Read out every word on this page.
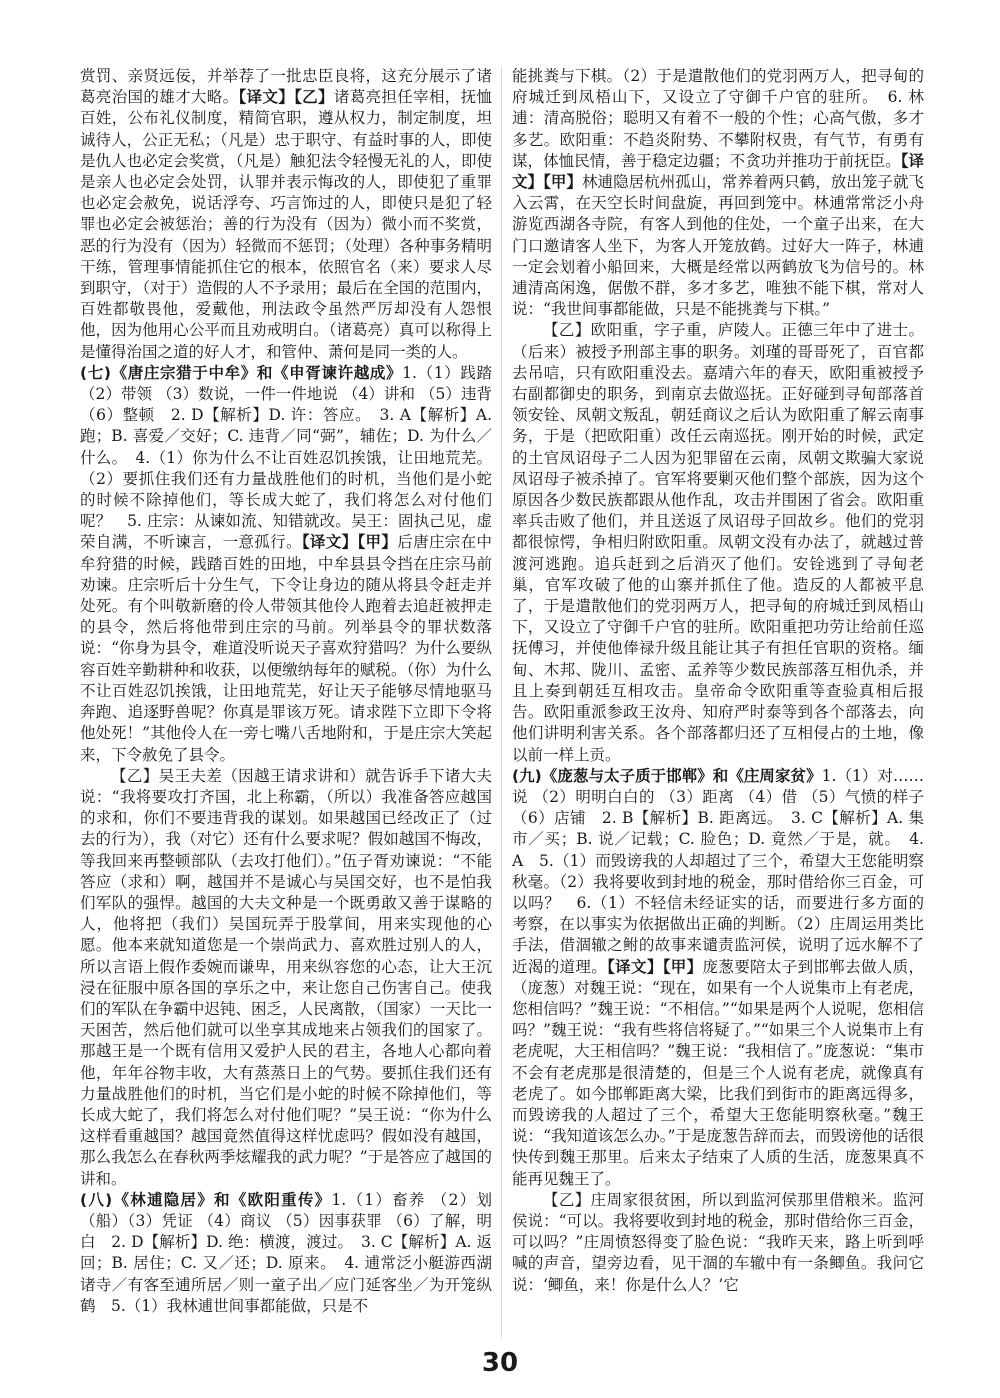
赏罚、亲贤远佞，并举荐了一批忠臣良将，这充分展示了诸葛亮治国的雄才大略。【译文】【乙】诸葛亮担任宰相，抚恤百姓，公布礼仪制度，精简官职，遵从权力，制定制度，坦诚待人，公正无私；（凡是）忠于职守、有益时事的人，即使是仇人也必定会奖赏，（凡是）触犯法令轻慢无礼的人，即使是亲人也必定会处罚，认罪并表示悔改的人，即使犯了重罪也必定会赦免，说话浮夸、巧言饰过的人，即使只是犯了轻罪也必定会被惩治；善的行为没有（因为）微小而不奖赏，恶的行为没有（因为）轻微而不惩罚；（处理）各种事务精明干练，管理事情能抓住它的根本，依照官名（来）要求人尽到职守，（对于）造假的人不予录用；最后在全国的范围内，百姓都敬畏他，爱戴他，刑法政令虽然严厉却没有人怨恨他，因为他用心公平而且劝戒明白。（诸葛亮）真可以称得上是懂得治国之道的好人才，和管仲、萧何是同一类的人。

(七)《唐庄宗猎于中牟》和《申胥谏许越成》1.（1）践踏 （2）带领 （3）数说，一件一件地说 （4）讲和 （5）违背 （6）整顿　2. D【解析】D. 许：答应。　3. A【解析】A. 跑；B. 喜爱／交好；C. 违背／同“弼”，辅佐；D. 为什么／什么。　4.（1）你为什么不让百姓忍饥挨饿，让田地荒芜。（2）要抓住我们还有力量战胜他们的时机，当他们是小蛇的时候不除掉他们，等长成大蛇了，我们将怎么对付他们呢？　5. 庄宗：从谏如流、知错就改。吴王：固执己见，虚荣自满，不听谏言，一意孤行。【译文】【甲】后唐庄宗在中牟狩猎的时候，践踏百姓的田地，中牟县县令挡在庄宗马前劝谏。庄宗听后十分生气，下令让身边的随从将县令赶走并处死。有个叫敬新磨的伶人带领其他伶人跑着去追赶被押走的县令，然后将他带到庄宗的马前。列举县令的罪状数落说：“你身为县令，难道没听说天子喜欢狩猎吗？为什么要纵容百姓辛勤耕种和收获，以便缴纳每年的赋税。（你）为什么不让百姓忍饥挨饿，让田地荒芜，好让天子能够尽情地驱马奔跑、追逐野兽呢？你真是罪该万死。请求陛下立即下令将他处死！”其他伶人在一旁七嘴八舌地附和，于是庄宗大笑起来，下令赦免了县令。

【乙】吴王夫差（因越王请求讲和）就告诉手下诸大夫说：“我将要攻打齐国，北上称霸，（所以）我准备答应越国的求和，你们不要违背我的谋划。如果越国已经改正了（过去的行为），我（对它）还有什么要求呢？假如越国不悔改，等我回来再整顿部队（去攻打他们）。”伍子胥劝谏说：“不能答应（求和）啊，越国并不是诚心与吴国交好，也不是怕我们军队的强悍。越国的大夫文种是一个既勇敢又善于谋略的人，他将把（我们）吴国玩弄于股掌间，用来实现他的心愿。他本来就知道您是一个崇尚武力、喜欢胜过别人的人，所以言语上假作委婉而谦卑，用来纵容您的心态，让大王沉浸在征服中原各国的享乐之中，来让您自己伤害自己。使我们的军队在争霸中迟钝、困乏，人民离散，（国家）一天比一天困苦，然后他们就可以坐享其成地来占领我们的国家了。那越王是一个既有信用又爱护人民的君主，各地人心都向着他，年年谷物丰收，大有蒸蒸日上的气势。要抓住我们还有力量战胜他们的时机，当它们是小蛇的时候不除掉他们，等长成大蛇了，我们将怎么对付他们呢？”吴王说：“你为什么这样看重越国？越国竟然值得这样忧虑吗？假如没有越国，那么我怎么在春秋两季炫耀我的武力呢？”于是答应了越国的讲和。

(八)《林逋隐居》和《欧阳重传》1.（1）畜养 （2）划（船）（3）凭证 （4）商议 （5）因事获罪 （6）了解，明白　2. D【解析】D. 绝：横渡，渡过。　3. C【解析】A. 返回；B. 居住；C. 又／还；D. 原来。　4. 逋常泛小艇游西湖诸寺／有客至逋所居／则一童子出／应门延客坐／为开笼纵鹤　5.（1）我林逋世间事都能做，只是不

能挑粪与下棋。（2）于是遣散他们的党羽两万人，把寻甸的府城迁到凤梧山下，又设立了守御千户官的驻所。　6. 林逋：清高脱俗；聪明又有着不一般的个性；心高气傲，多才多艺。欧阳重：不趋炎附势、不攀附权贵，有气节，有勇有谋，体恤民情，善于稳定边疆；不贪功并推功于前抚臣。【译文】【甲】林逋隐居杭州孤山，常养着两只鹤，放出笼子就飞入云霄，在天空长时间盘旋，再回到笼中。林逋常常泛小舟游览西湖各寺院，有客人到他的住处，一个童子出来，在大门口邀请客人坐下，为客人开笼放鹤。过好大一阵子，林逋一定会划着小船回来，大概是经常以两鹤放飞为信号的。林逋清高闲逸，倨傲不群，多才多艺，唯独不能下棋，常对人说：“我世间事都能做，只是不能挑粪与下棋。”

【乙】欧阳重，字子重，庐陵人。正德三年中了进士。（后来）被授予刑部主事的职务。刘瑾的哥哥死了，百官都去吊唁，只有欧阳重没去。嘉靖六年的春天，欧阳重被授予右副都御史的职务，到南京去做巡抚。正好碰到寻甸部落首领安铨、凤朝文叛乱，朝廷商议之后认为欧阳重了解云南事务，于是（把欧阳重）改任云南巡抚。刚开始的时候，武定的土官凤诏母子二人因为犯罪留在云南，凤朝文欺骗大家说凤诏母子被杀掉了。官军将要剿灭他们整个部族，因为这个原因各少数民族都跟从他作乱，攻击并围困了省会。欧阳重率兵击败了他们，并且送返了凤诏母子回故乡。他们的党羽都很惊愕，争相归附欧阳重。凤朝文没有办法了，就越过普渡河逃跑。追兵赶到之后消灭了他们。安铨逃到了寻甸老巢，官军攻破了他的山寨并抓住了他。造反的人都被平息了，于是遣散他们的党羽两万人，把寻甸的府城迁到凤梧山下，又设立了守御千户官的驻所。欧阳重把功劳让给前任巡抚傅习，并使他俸禄升级且能让其子有担任官职的资格。缅甸、木邦、陇川、孟密、孟养等少数民族部落互相仇杀，并且上奏到朝廷互相攻击。皇帝命令欧阳重等查验真相后报告。欧阳重派参政王汝舟、知府严时泰等到各个部落去，向他们讲明利害关系。各个部落都归还了互相侵占的土地，像以前一样上贡。

(九)《庞葱与太子质于邯郸》和《庄周家贫》1.（1）对……说 （2）明明白白的 （3）距离 （4）借 （5）气愤的样子 （6）店铺　2. B【解析】B. 距离远。　3. C【解析】A. 集市／买；B. 说／记载；C. 脸色；D. 竟然／于是，就。　4. A　5.（1）而毁谤我的人却超过了三个，希望大王您能明察秋毫。（2）我将要收到封地的税金，那时借给你三百金，可以吗？　6.（1）不轻信未经证实的话，而要进行多方面的考察，在以事实为依据做出正确的判断。（2）庄周运用类比手法，借涸辙之鲋的故事来谴责监河侯，说明了远水解不了近渴的道理。【译文】【甲】庞葱要陪太子到邯郸去做人质，（庞葱）对魏王说：“现在，如果有一个人说集市上有老虎，您相信吗？”魏王说：“不相信。”“如果是两个人说呢，您相信吗？”魏王说：“我有些将信将疑了。”“如果三个人说集市上有老虎呢，大王相信吗？”魏王说：“我相信了。”庞葱说：“集市不会有老虎那是很清楚的，但是三个人说有老虎，就像真有老虎了。如今邯郸距离大梁，比我们到街市的距离远得多，而毁谤我的人超过了三个，希望大王您能明察秋毫。”魏王说：“我知道该怎么办。”于是庞葱告辞而去，而毁谤他的话很快传到魏王那里。后来太子结束了人质的生活，庞葱果真不能再见魏王了。

【乙】庄周家很贫困，所以到监河侯那里借粮米。监河侯说：“可以。我将要收到封地的税金，那时借给你三百金，可以吗？”庄周愤怒得变了脸色说：“我昨天来，路上听到呼喊的声音，望旁边看，见干涸的车辙中有一条鲫鱼。我问它说：‘鲫鱼，来！你是什么人？’它

30
